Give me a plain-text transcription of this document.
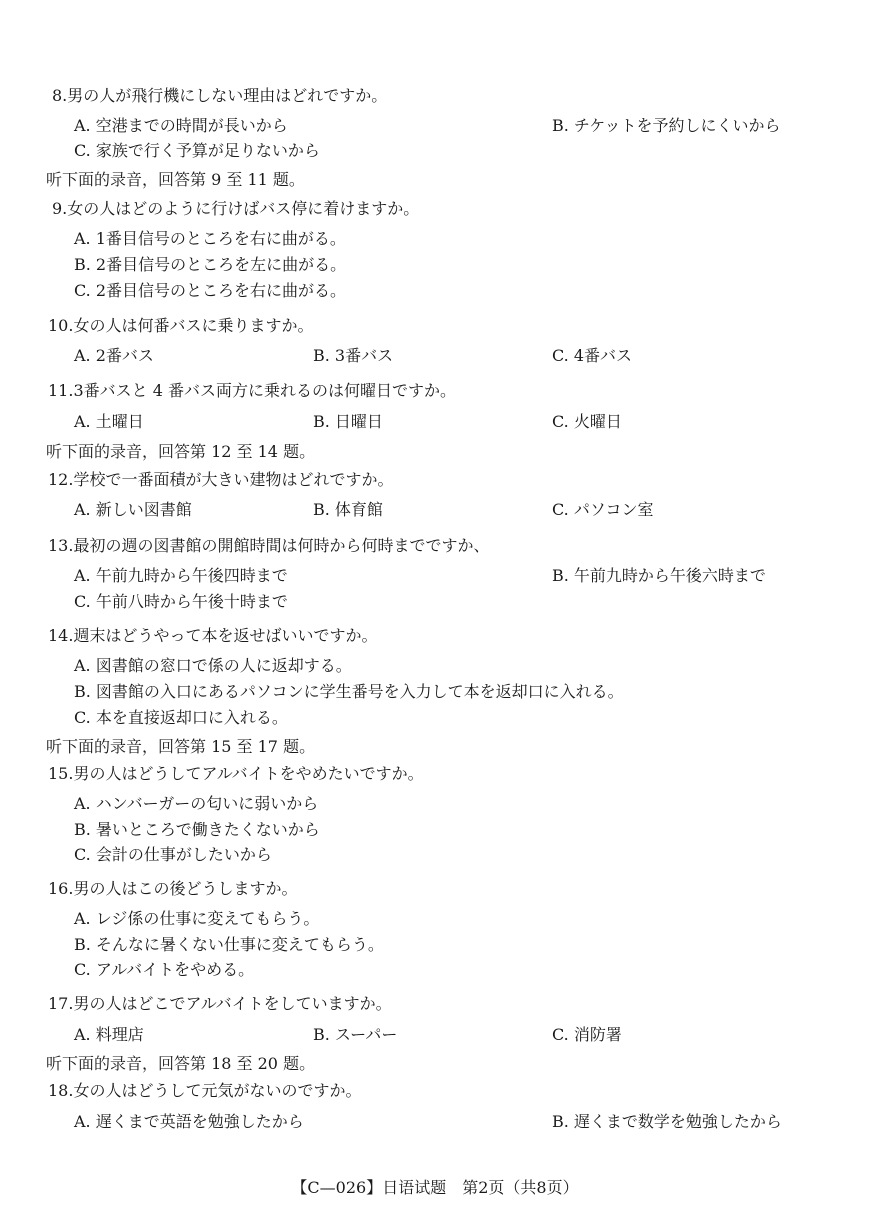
8.男の人が飛行機にしない理由はどれですか。
A. 空港までの時間が長いから	B. チケットを予約しにくいから
C. 家族で行く予算が足りないから
听下面的录音，回答第 9 至 11 题。
9.女の人はどのように行けばバス停に着けますか。
A. 1番目信号のところを右に曲がる。
B. 2番目信号のところを左に曲がる。
C. 2番目信号のところを右に曲がる。
10.女の人は何番バスに乗りますか。
A. 2番バス	B. 3番バス	C. 4番バス
11.3番バスと 4 番バス両方に乗れるのは何曜日ですか。
A. 土曜日	B. 日曜日	C. 火曜日
听下面的录音，回答第 12 至 14 题。
12.学校で一番面積が大きい建物はどれですか。
A. 新しい図書館	B. 体育館	C. パソコン室
13.最初の週の図書館の開館時間は何時から何時までですか、
A. 午前九時から午後四時まで	B. 午前九時から午後六時まで
C. 午前八時から午後十時まで
14.週末はどうやって本を返せばいいですか。
A. 図書館の窓口で係の人に返却する。
B. 図書館の入口にあるパソコンに学生番号を入力して本を返却口に入れる。
C. 本を直接返却口に入れる。
听下面的录音，回答第 15 至 17 题。
15.男の人はどうしてアルバイトをやめたいですか。
A. ハンバーガーの匂いに弱いから
B. 暑いところで働きたくないから
C. 会計の仕事がしたいから
16.男の人はこの後どうしますか。
A. レジ係の仕事に変えてもらう。
B. そんなに暑くない仕事に変えてもらう。
C. アルバイトをやめる。
17.男の人はどこでアルバイトをしていますか。
A. 料理店	B. スーパー	C. 消防署
听下面的录音，回答第 18 至 20 题。
18.女の人はどうして元気がないのですか。
A. 遅くまで英語を勉強したから	B. 遅くまで数学を勉強したから
【C—026】日语试题　第2页（共8页）
